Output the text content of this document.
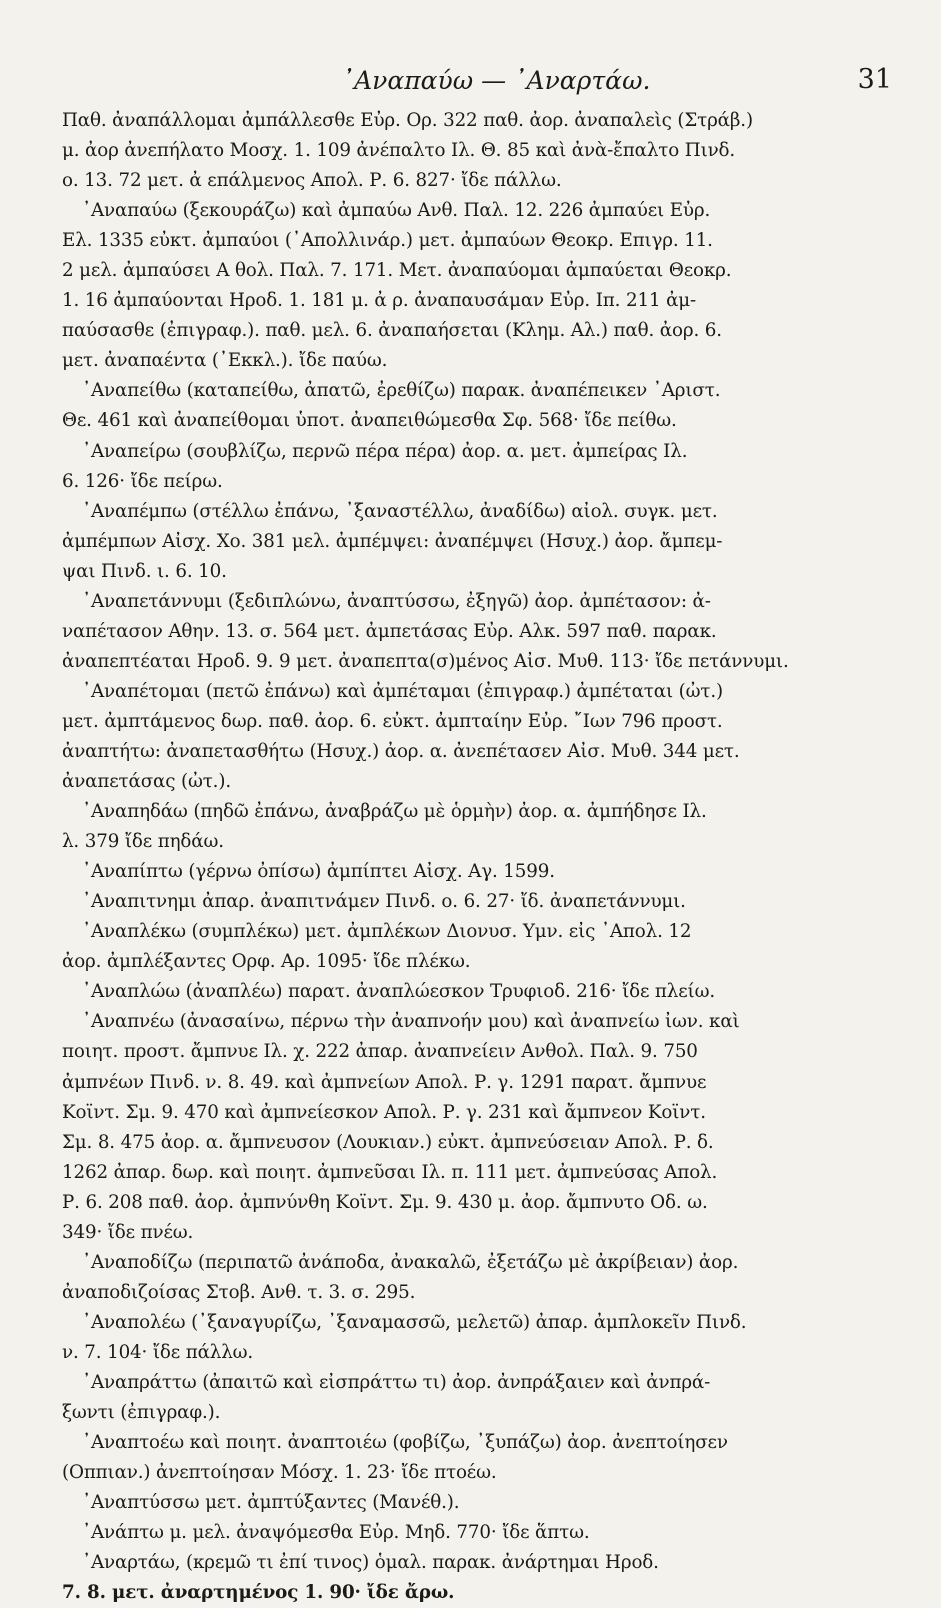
᾿Αναπαύω — ᾿Αναρτάω.	31
Παθ. ἀναπάλλομαι ἀμπάλλεσθε Εὐρ. Ορ. 322 παθ. ἀορ. ἀναπαλεὶς (Στράβ.)
μ. ἀορ ἀνεπήλατο Μοσχ. 1. 109 ἀνέπαλτο Ιλ. Θ. 85 καὶ ἀνὰ-ἔπαλτο Πινδ.
ο. 13. 72 μετ. ἀ επάλμενος Απολ. Ρ. 6. 827· ἴδε πάλλω.
᾿Αναπαύω (ξεκουράζω) καὶ ἀμπαύω Ανθ. Παλ. 12. 226 ἀμπαύει Εὐρ.
Ελ. 1335 εὐκτ. ἀμπαύοι (᾿Απολλινάρ.) μετ. ἀμπαύων Θεοκρ. Επιγρ. 11.
2 μελ. ἀμπαύσει Α θολ. Παλ. 7. 171. Μετ. ἀναπαύομαι ἀμπαύεται Θεοκρ.
1. 16 ἀμπαύονται Ηροδ. 1. 181 μ. ἀ ρ. ἀναπαυσάμαν Εὐρ. Ιπ. 211 ἀμ-
παύσασθε (ἐπιγραφ.). παθ. μελ. 6. ἀναπαήσεται (Κλημ. Αλ.) παθ. ἀορ. 6.
μετ. ἀναπαέντα (᾿Εκκλ.). ἴδε παύω.
᾿Αναπείθω (καταπείθω, ἀπατῶ, ἐρεθίζω) παρακ. ἀναπέπεικεν ᾿Αριστ.
Θε. 461 καὶ ἀναπείθομαι ὑποτ. ἀναπειθώμεσθα Σφ. 568· ἴδε πείθω.
᾿Αναπείρω (σουβλίζω, περνῶ πέρα πέρα) ἀορ. α. μετ. ἀμπείρας Ιλ.
6. 126· ἴδε πείρω.
᾿Αναπέμπω (στέλλω ἐπάνω, ᾿ξαναστέλλω, ἀναδίδω) αἰολ. συγκ. μετ.
ἀμπέμπων Αἰσχ. Χο. 381 μελ. ἀμπέμψει: ἀναπέμψει (Ησυχ.) ἀορ. ἄμπεμ-
ψαι Πινδ. ι. 6. 10.
᾿Αναπετάννυμι (ξεδιπλώνω, ἀναπτύσσω, ἐξηγῶ) ἀορ. ἀμπέτασον: ἀ-
ναπέτασον Αθην. 13. σ. 564 μετ. ἀμπετάσας Εὐρ. Αλκ. 597 παθ. παρακ.
ἀναπεπτέαται Ηροδ. 9. 9 μετ. ἀναπεπτα(σ)μένος Αἰσ. Μυθ. 113· ἴδε πετάννυμι.
᾿Αναπέτομαι (πετῶ ἐπάνω) καὶ ἀμπέταμαι (ἐπιγραφ.) ἀμπέταται (ὠτ.)
μετ. ἀμπτάμενος δωρ. παθ. ἀορ. 6. εὐκτ. ἀμπταίην Εὐρ. ῎Ιων 796 προστ.
ἀναπτήτω: ἀναπετασθήτω (Ησυχ.) ἀορ. α. ἀνεπέτασεν Αἰσ. Μυθ. 344 μετ.
ἀναπετάσας (ὠτ.).
᾿Αναπηδάω (πηδῶ ἐπάνω, ἀναβράζω μὲ ὁρμὴν) ἀορ. α. ἀμπήδησε Ιλ.
λ. 379 ἴδε πηδάω.
᾿Αναπίπτω (γέρνω ὀπίσω) ἀμπίπτει Αἰσχ. Αγ. 1599.
᾿Αναπιτνημι ἀπαρ. ἀναπιτνάμεν Πινδ. ο. 6. 27· ἴδ. ἀναπετάννυμι.
᾿Αναπλέκω (συμπλέκω) μετ. ἀμπλέκων Διονυσ. Υμν. εἰς ᾿Απολ. 12
ἀορ. ἀμπλέξαντες Ορφ. Αρ. 1095· ἴδε πλέκω.
᾿Αναπλώω (ἀναπλέω) παρατ. ἀναπλώεσκον Τρυφιοδ. 216· ἴδε πλείω.
᾿Αναπνέω (ἀνασαίνω, πέρνω τὴν ἀναπνοήν μου) καὶ ἀναπνείω ἰων. καὶ
ποιητ. προστ. ἄμπνυε Ιλ. χ. 222 ἀπαρ. ἀναπνείειν Ανθολ. Παλ. 9. 750
ἀμπνέων Πινδ. ν. 8. 49. καὶ ἀμπνείων Απολ. Ρ. γ. 1291 παρατ. ἄμπνυε
Κοϊντ. Σμ. 9. 470 καὶ ἀμπνείεσκον Απολ. Ρ. γ. 231 καὶ ἄμπνεον Κοϊντ.
Σμ. 8. 475 ἀορ. α. ἄμπνευσον (Λουκιαν.) εὐκτ. ἀμπνεύσειαν Απολ. Ρ. δ.
1262 ἀπαρ. δωρ. καὶ ποιητ. ἀμπνεῦσαι Ιλ. π. 111 μετ. ἀμπνεύσας Απολ.
Ρ. 6. 208 παθ. ἀορ. ἀμπνύνθη Κοϊντ. Σμ. 9. 430 μ. ἀορ. ἄμπνυτο Οδ. ω.
349· ἴδε πνέω.
᾿Αναποδίζω (περιπατῶ ἀνάποδα, ἀνακαλῶ, ἐξετάζω μὲ ἀκρίβειαν) ἀορ.
ἀναποδιζοίσας Στοβ. Ανθ. τ. 3. σ. 295.
᾿Αναπολέω (᾿ξαναγυρίζω, ᾿ξαναμασσῶ, μελετῶ) ἀπαρ. ἀμπλοκεῖν Πινδ.
ν. 7. 104· ἴδε πάλλω.
᾿Αναπράττω (ἀπαιτῶ καὶ εἰσπράττω τι) ἀορ. ἀνπράξαιεν καὶ ἀνπρά-
ξωντι (ἐπιγραφ.).
᾿Αναπτοέω καὶ ποιητ. ἀναπτοιέω (φοβίζω, ᾿ξυπάζω) ἀορ. ἀνεπτοίησεν
(Οππιαν.) ἀνεπτοίησαν Μόσχ. 1. 23· ἴδε πτοέω.
᾿Αναπτύσσω μετ. ἀμπτύξαντες (Μανέθ.).
᾿Ανάπτω μ. μελ. ἀναψόμεσθα Εὐρ. Μηδ. 770· ἴδε ἅπτω.
᾿Αναρτάω, (κρεμῶ τι ἐπί τινος) ὁμαλ. παρακ. ἀνάρτημαι Ηροδ.
7. 8. μετ. ἀναρτημένος 1. 90· ἴδε ἄρω.
